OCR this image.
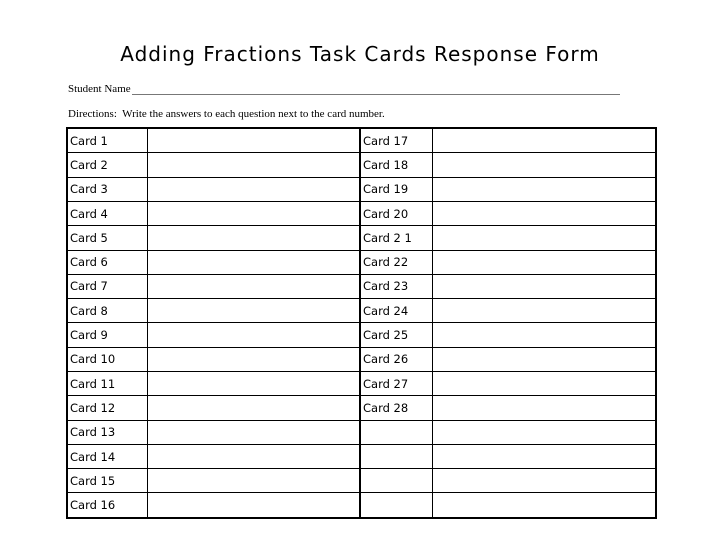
Adding Fractions Task Cards Response Form
Student Name
Directions:  Write the answers to each question next to the card number.
Card 1		Card 17	
Card 2		Card 18	
Card 3		Card 19	
Card 4		Card 20	
Card 5		Card 2 1	
Card 6		Card 22	
Card 7		Card 23	
Card 8		Card 24	
Card 9		Card 25	
Card 10		Card 26	
Card 11		Card 27	
Card 12		Card 28	
Card 13			
Card 14			
Card 15			
Card 16			
